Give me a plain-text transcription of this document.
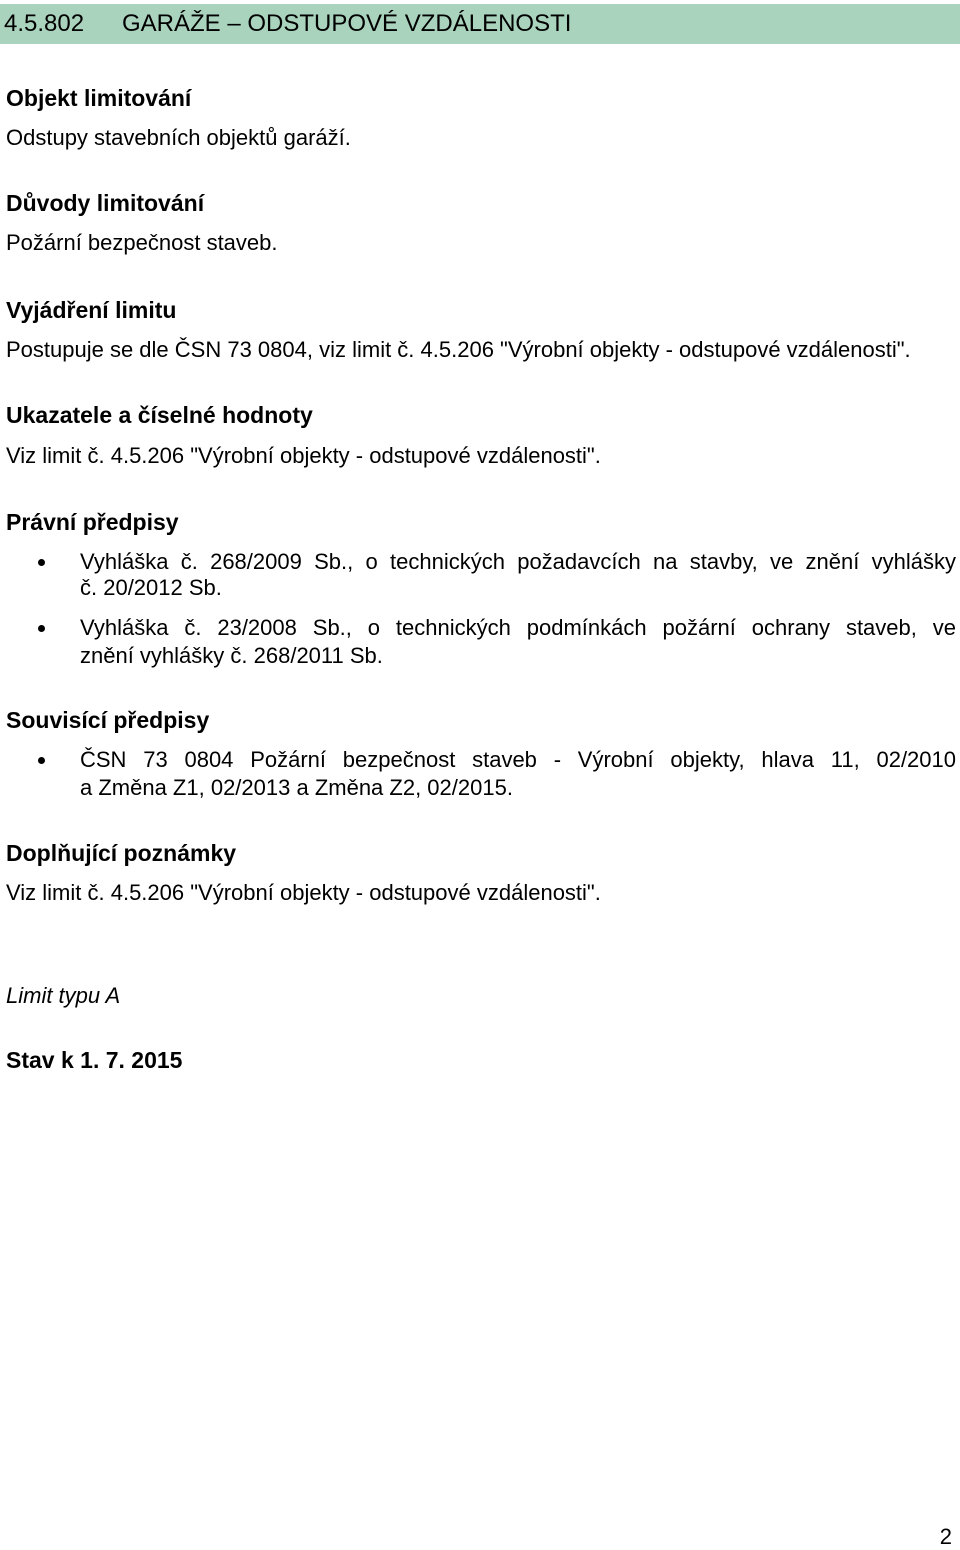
4.5.802 GARÁŽE – ODSTUPOVÉ VZDÁLENOSTI
Objekt limitování
Odstupy stavebních objektů garáží.
Důvody limitování
Požární bezpečnost staveb.
Vyjádření limitu
Postupuje se dle ČSN 73 0804, viz limit č. 4.5.206 "Výrobní objekty - odstupové vzdálenosti".
Ukazatele a číselné hodnoty
Viz limit č. 4.5.206 "Výrobní objekty - odstupové vzdálenosti".
Právní předpisy
Vyhláška č. 268/2009 Sb., o technických požadavcích na stavby, ve znění vyhlášky
č. 20/2012 Sb.
Vyhláška č. 23/2008 Sb., o technických podmínkách požární ochrany staveb, ve
znění vyhlášky č. 268/2011 Sb.
Souvisící předpisy
ČSN 73 0804 Požární bezpečnost staveb - Výrobní objekty, hlava 11, 02/2010
a Změna Z1, 02/2013 a Změna Z2, 02/2015.
Doplňující poznámky
Viz limit č. 4.5.206 "Výrobní objekty - odstupové vzdálenosti".
Limit typu A
Stav k 1. 7. 2015
2
